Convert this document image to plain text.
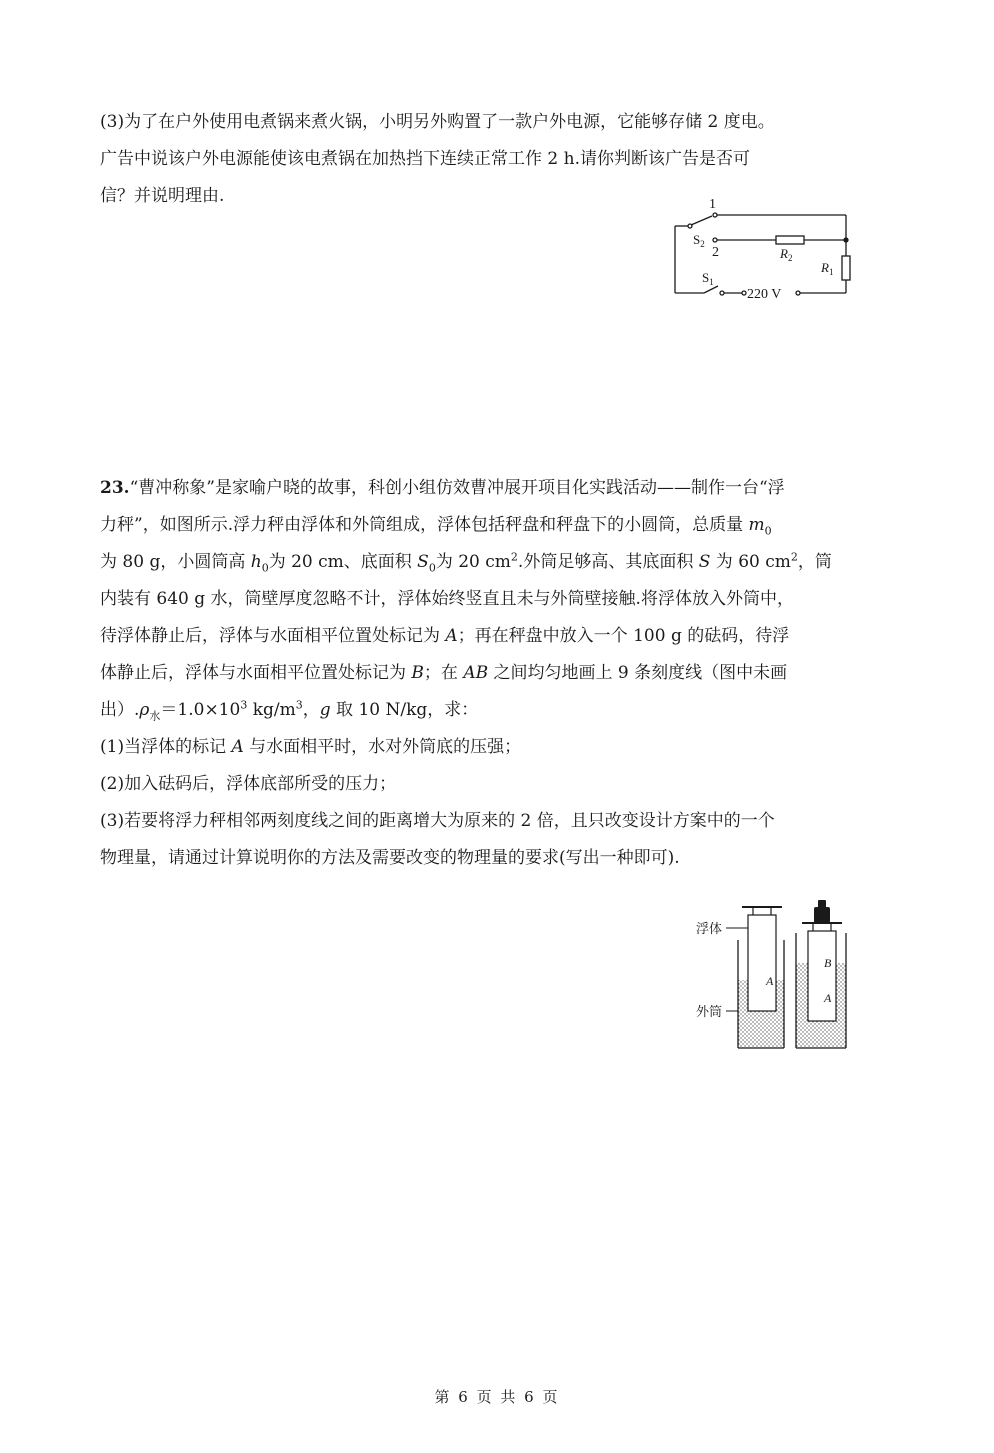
(3)为了在户外使用电煮锅来煮火锅，小明另外购置了一款户外电源，它能够存储 2 度电。
广告中说该户外电源能使该电煮锅在加热挡下连续正常工作 2 h.请你判断该广告是否可
信？并说明理由.	1
2
$S_2$
$S_1$
$R_2$
$R_1$
220 V
23.“曹冲称象”是家喻户晓的故事，科创小组仿效曹冲展开项目化实践活动——制作一台“浮
力秤”，如图所示.浮力秤由浮体和外筒组成，浮体包括秤盘和秤盘下的小圆筒，总质量 $m_0$
为 80 g，小圆筒高 $h_0$为 20 cm、底面积 $S_0$为 20 $cm^2$.外筒足够高、其底面积 S 为 60 $cm^2$，筒
内装有 640 g 水，筒壁厚度忽略不计，浮体始终竖直且未与外筒壁接触.将浮体放入外筒中，
待浮体静止后，浮体与水面相平位置处标记为 A；再在秤盘中放入一个 100 g 的砝码，待浮
体静止后，浮体与水面相平位置处标记为 B；在 AB 之间均匀地画上 9 条刻度线（图中未画
出）$.\rho_水=1.0\times 10^3$ $kg/m^3$，g 取 10 N/kg，求：
(1)当浮体的标记 A 与水面相平时，水对外筒底的压强；
(2)加入砝码后，浮体底部所受的压力；
(3)若要将浮力秤相邻两刻度线之间的距离增大为原来的 2 倍，且只改变设计方案中的一个
物理量，请通过计算说明你的方法及需要改变的物理量的要求(写出一种即可).
浮体
外筒
A
B
A
第 6 页 共 6 页
